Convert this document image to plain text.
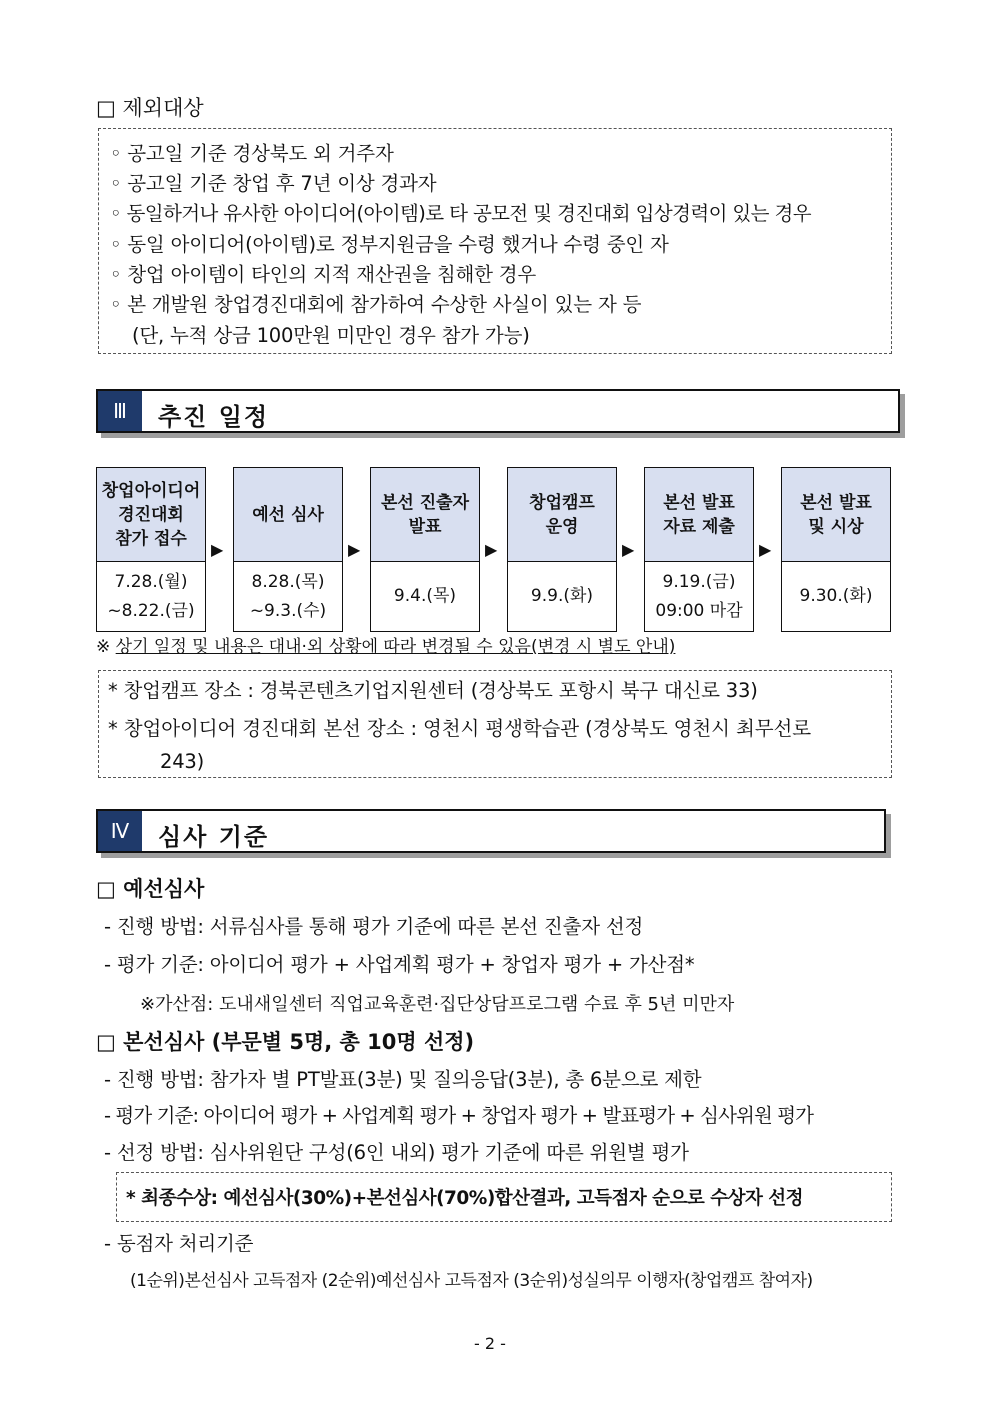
□ 제외대상
◦ 공고일 기준 경상북도 외 거주자
◦ 공고일 기준 창업 후 7년 이상 경과자
◦ 동일하거나 유사한 아이디어(아이템)로 타 공모전 및 경진대회 입상경력이 있는 경우
◦ 동일 아이디어(아이템)로 정부지원금을 수령 했거나 수령 중인 자
◦ 창업 아이템이 타인의 지적 재산권을 침해한 경우
◦ 본 개발원 창업경진대회에 참가하여 수상한 사실이 있는 자 등
(단, 누적 상금 100만원 미만인 경우 참가 가능)
Ⅲ	추진 일정
창업아이디어
경진대회
참가 접수
7.28.(월)
~8.22.(금)
▶
예선 심사
8.28.(목)
~9.3.(수)
▶
본선 진출자
발표
9.4.(목)
▶
창업캠프
운영
9.9.(화)
▶
본선 발표
자료 제출
9.19.(금)
09:00 마감
▶
본선 발표
및 시상
9.30.(화)
※ 상기 일정 및 내용은 대내·외 상황에 따라 변경될 수 있음(변경 시 별도 안내)
* 창업캠프 장소 : 경북콘텐츠기업지원센터 (경상북도 포항시 북구 대신로 33)
* 창업아이디어 경진대회 본선 장소 : 영천시 평생학습관 (경상북도 영천시 최무선로
243)
Ⅳ	심사 기준
□ 예선심사
- 진행 방법: 서류심사를 통해 평가 기준에 따른 본선 진출자 선정
- 평가 기준: 아이디어 평가 + 사업계획 평가 + 창업자 평가 + 가산점*
※가산점: 도내새일센터 직업교육훈련·집단상담프로그램 수료 후 5년 미만자
□ 본선심사 (부문별 5명, 총 10명 선정)
- 진행 방법: 참가자 별 PT발표(3분) 및 질의응답(3분), 총 6분으로 제한
- 평가 기준: 아이디어 평가 + 사업계획 평가 + 창업자 평가 + 발표평가 + 심사위원 평가
- 선정 방법: 심사위원단 구성(6인 내외) 평가 기준에 따른 위원별 평가
* 최종수상: 예선심사(30%)+본선심사(70%)합산결과, 고득점자 순으로 수상자 선정
- 동점자 처리기준
(1순위)본선심사 고득점자 (2순위)예선심사 고득점자 (3순위)성실의무 이행자(창업캠프 참여자)
- 2 -
